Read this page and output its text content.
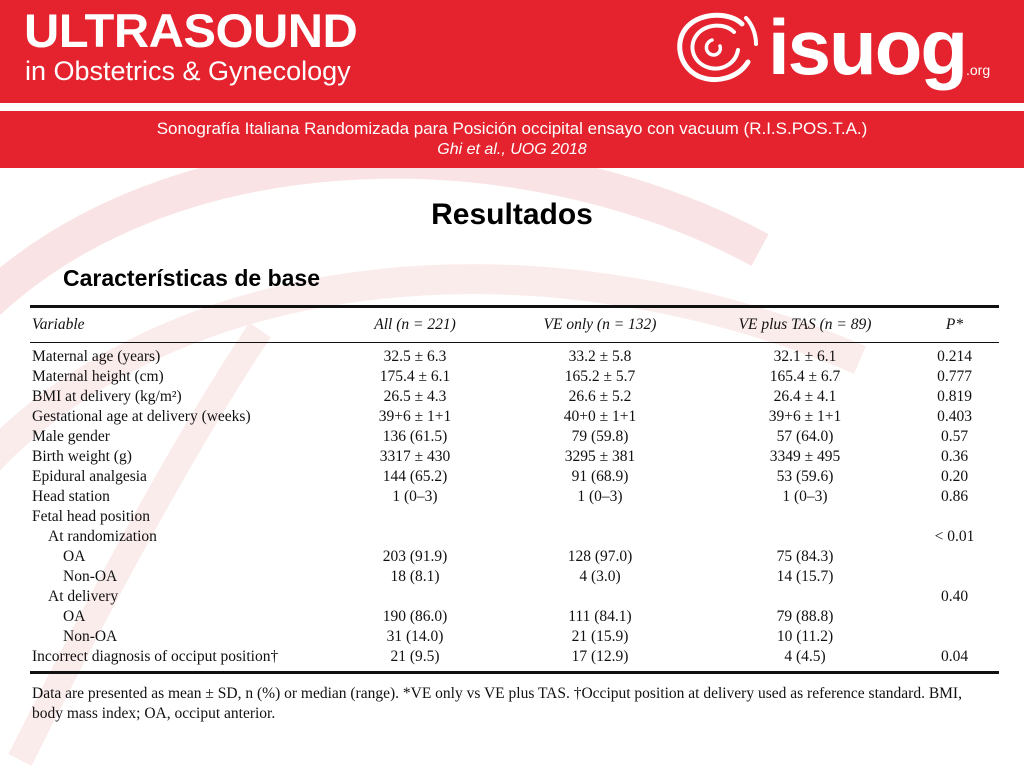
ULTRASOUND
in Obstetrics & Gynecology	isuog .org
Sonografía Italiana Randomizada para Posición occipital ensayo con vacuum (R.I.S.POS.T.A.)
Ghi et al., UOG 2018
Resultados
Características de base
Variable	All (n = 221)	VE only (n = 132)	VE plus TAS (n = 89)	P*
Maternal age (years)	32.5 ± 6.3	33.2 ± 5.8	32.1 ± 6.1	0.214
Maternal height (cm)	175.4 ± 6.1	165.2 ± 5.7	165.4 ± 6.7	0.777
BMI at delivery (kg/m²)	26.5 ± 4.3	26.6 ± 5.2	26.4 ± 4.1	0.819
Gestational age at delivery (weeks)	39+6 ± 1+1	40+0 ± 1+1	39+6 ± 1+1	0.403
Male gender	136 (61.5)	79 (59.8)	57 (64.0)	0.57
Birth weight (g)	3317 ± 430	3295 ± 381	3349 ± 495	0.36
Epidural analgesia	144 (65.2)	91 (68.9)	53 (59.6)	0.20
Head station	1 (0–3)	1 (0–3)	1 (0–3)	0.86
Fetal head position				
At randomization				< 0.01
OA	203 (91.9)	128 (97.0)	75 (84.3)	
Non-OA	18 (8.1)	4 (3.0)	14 (15.7)	
At delivery				0.40
OA	190 (86.0)	111 (84.1)	79 (88.8)	
Non-OA	31 (14.0)	21 (15.9)	10 (11.2)	
Incorrect diagnosis of occiput position†	21 (9.5)	17 (12.9)	4 (4.5)	0.04
Data are presented as mean ± SD, n (%) or median (range). *VE only vs VE plus TAS. †Occiput position at delivery used as reference standard. BMI, body mass index; OA, occiput anterior.
